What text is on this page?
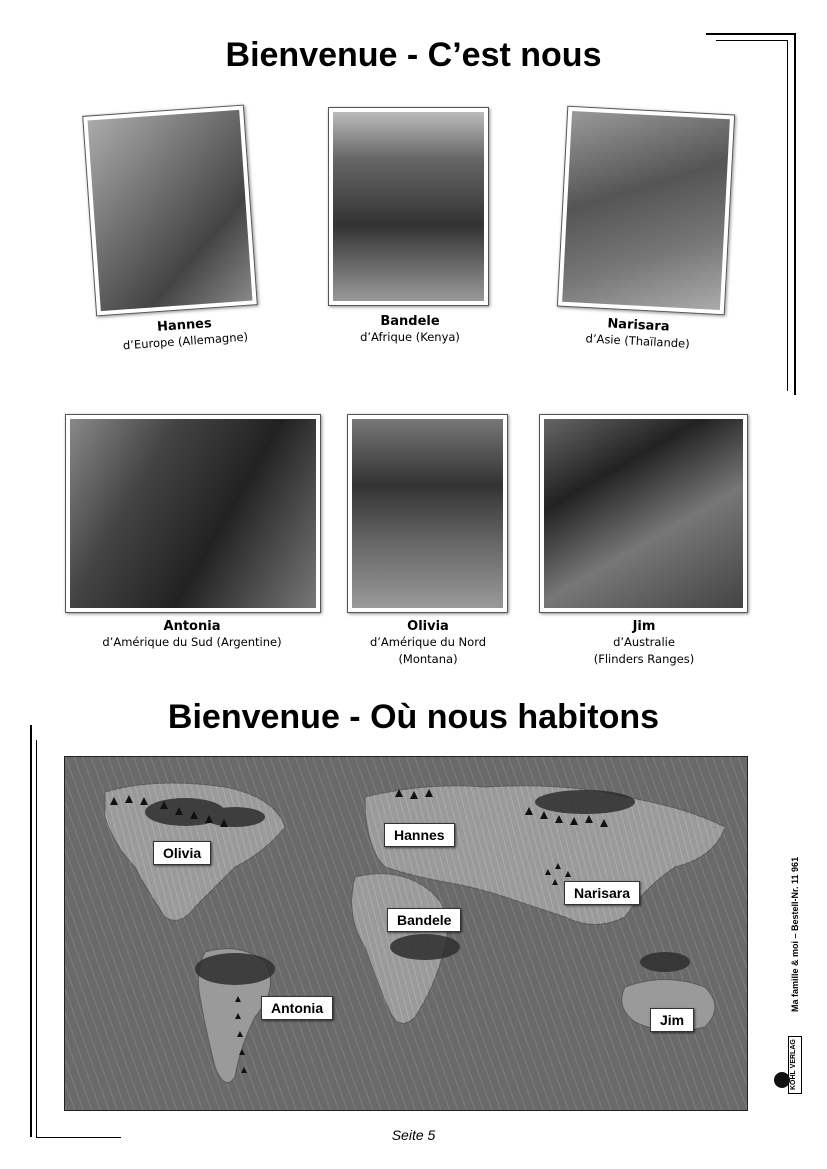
Bienvenue - C’est nous
Hannes
d’Europe (Allemagne)
Bandele
d’Afrique (Kenya)
Narisara
d’Asie (Thaïlande)
Antonia
d’Amérique du Sud (Argentine)
Olivia
d’Amérique du Nord
(Montana)
Jim
d’Australie
(Flinders Ranges)
Bienvenue - Où nous habitons
Olivia
Hannes
Narisara
Bandele
Antonia
Jim
Ma famille & moi – Bestell-Nr. 11 961
KOHL VERLAG
Seite 5
